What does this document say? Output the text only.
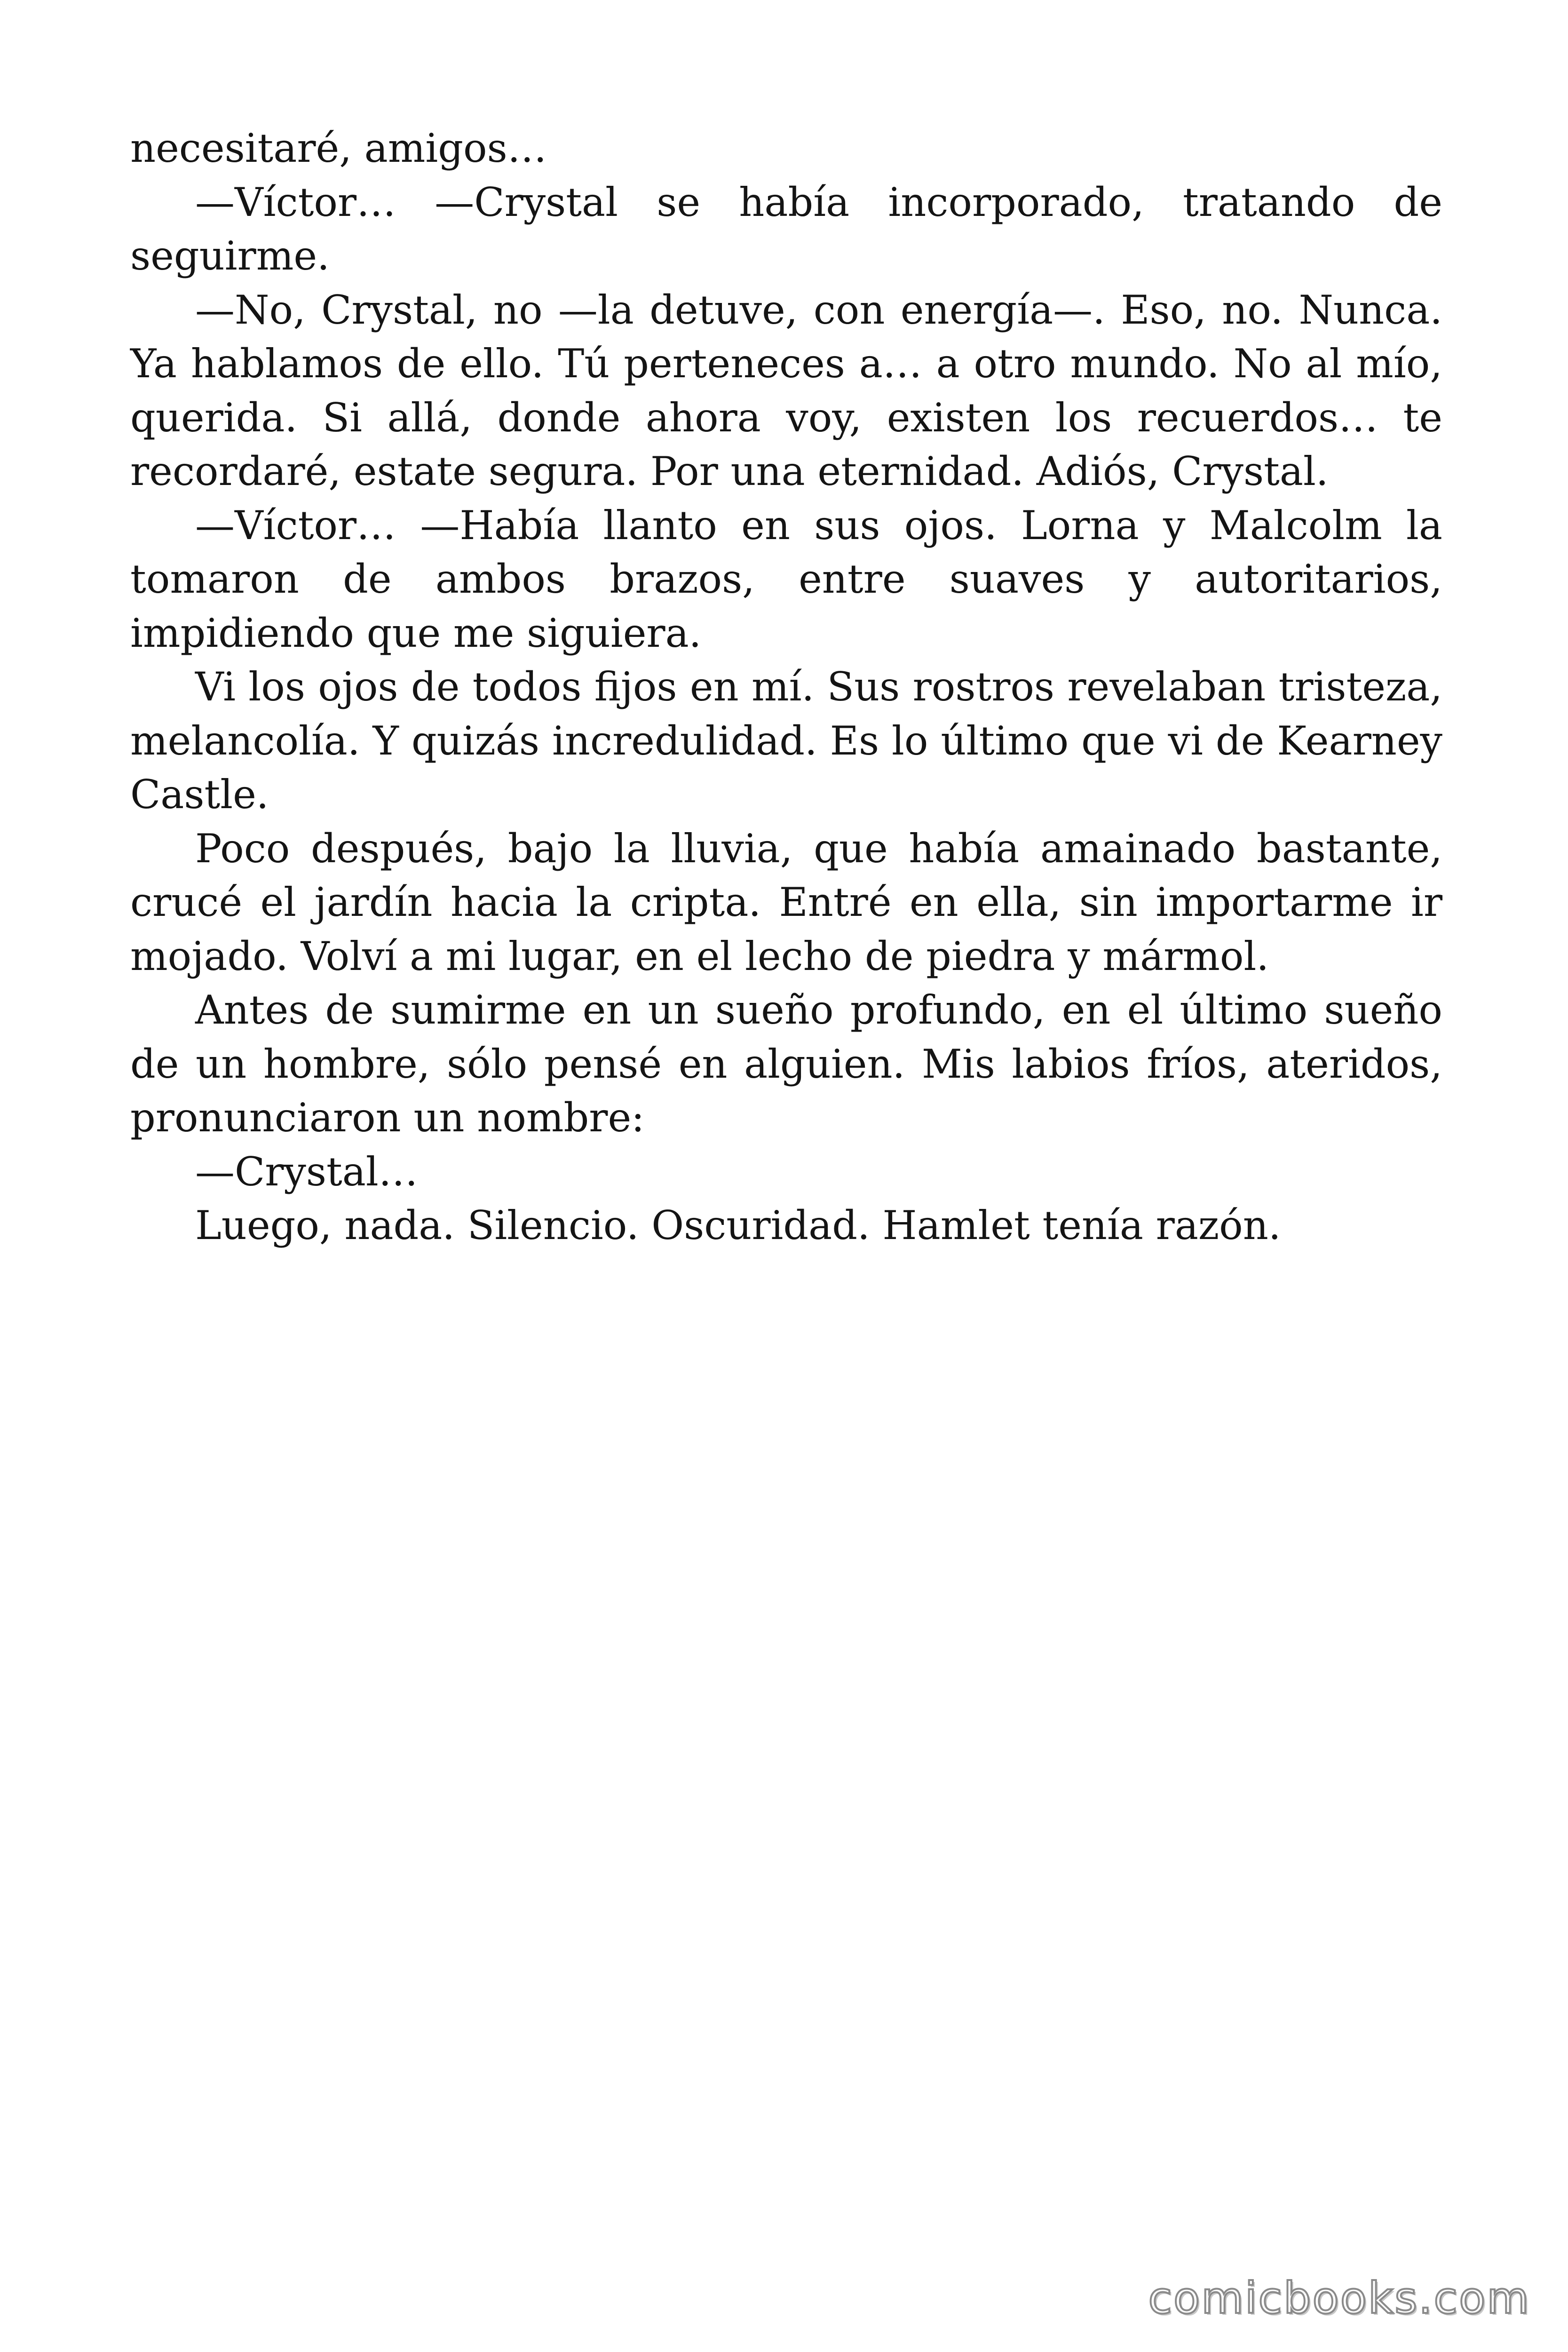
necesitaré, amigos…

—Víctor… —Crystal se había incorporado, tratando de seguirme.

—No, Crystal, no —la detuve, con energía—. Eso, no. Nunca. Ya hablamos de ello. Tú perteneces a… a otro mundo. No al mío, querida. Si allá, donde ahora voy, existen los recuerdos… te recordaré, estate segura. Por una eternidad. Adiós, Crystal.

—Víctor… —Había llanto en sus ojos. Lorna y Malcolm la tomaron de ambos brazos, entre suaves y autoritarios, impidiendo que me siguiera.

Vi los ojos de todos fijos en mí. Sus rostros revelaban tristeza, melancolía. Y quizás incredulidad. Es lo último que vi de Kearney Castle.

Poco después, bajo la lluvia, que había amainado bastante, crucé el jardín hacia la cripta. Entré en ella, sin importarme ir mojado. Volví a mi lugar, en el lecho de piedra y mármol.

Antes de sumirme en un sueño profundo, en el último sueño de un hombre, sólo pensé en alguien. Mis labios fríos, ateridos, pronunciaron un nombre:

—Crystal…

Luego, nada. Silencio. Oscuridad. Hamlet tenía razón.

comicbooks.com
